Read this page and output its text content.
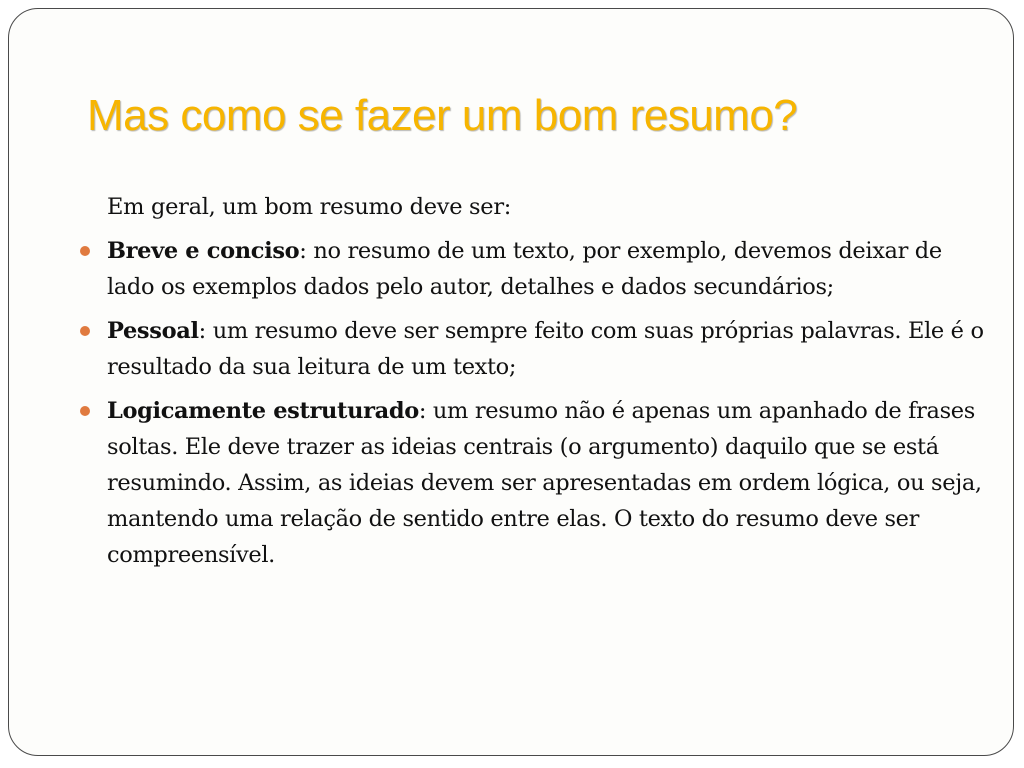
Mas como se fazer um bom resumo?

Em geral, um bom resumo deve ser:

Breve e conciso: no resumo de um texto, por exemplo, devemos deixar de lado os exemplos dados pelo autor, detalhes e dados secundários;
Pessoal: um resumo deve ser sempre feito com suas próprias palavras. Ele é o resultado da sua leitura de um texto;
Logicamente estruturado: um resumo não é apenas um apanhado de frases soltas. Ele deve trazer as ideias centrais (o argumento) daquilo que se está resumindo. Assim, as ideias devem ser apresentadas em ordem lógica, ou seja, mantendo uma relação de sentido entre elas. O texto do resumo deve ser compreensível.
